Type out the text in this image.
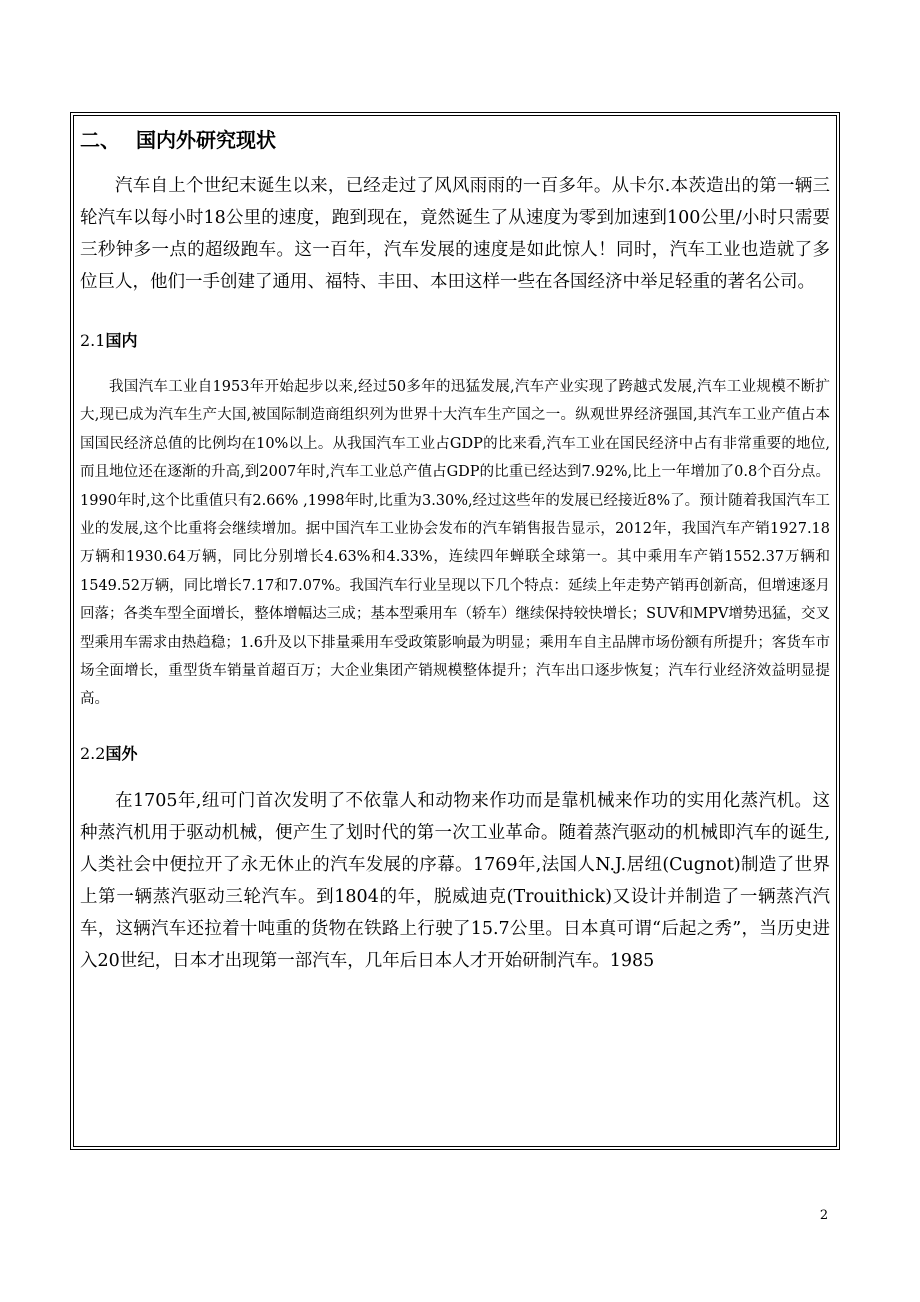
二、 国内外研究现状

汽车自上个世纪末诞生以来，已经走过了风风雨雨的一百多年。从卡尔.本茨造出的第一辆三轮汽车以每小时18公里的速度，跑到现在，竟然诞生了从速度为零到加速到100公里/小时只需要三秒钟多一点的超级跑车。这一百年，汽车发展的速度是如此惊人！同时，汽车工业也造就了多位巨人，他们一手创建了通用、福特、丰田、本田这样一些在各国经济中举足轻重的著名公司。

2.1国内

我国汽车工业自1953年开始起步以来,经过50多年的迅猛发展,汽车产业实现了跨越式发展,汽车工业规模不断扩大,现已成为汽车生产大国,被国际制造商组织列为世界十大汽车生产国之一。纵观世界经济强国,其汽车工业产值占本国国民经济总值的比例均在10%以上。从我国汽车工业占GDP的比来看,汽车工业在国民经济中占有非常重要的地位,而且地位还在逐渐的升高,到2007年时,汽车工业总产值占GDP的比重已经达到7.92%,比上一年增加了0.8个百分点。1990年时,这个比重值只有2.66% ,1998年时,比重为3.30%,经过这些年的发展已经接近8%了。预计随着我国汽车工业的发展,这个比重将会继续增加。据中国汽车工业协会发布的汽车销售报告显示，2012年，我国汽车产销1927.18万辆和1930.64万辆，同比分别增长4.63%和4.33%，连续四年蝉联全球第一。其中乘用车产销1552.37万辆和1549.52万辆，同比增长7.17和7.07%。我国汽车行业呈现以下几个特点：延续上年走势产销再创新高，但增速逐月回落；各类车型全面增长，整体增幅达三成；基本型乘用车（轿车）继续保持较快增长；SUV和MPV增势迅猛，交叉型乘用车需求由热趋稳；1.6升及以下排量乘用车受政策影响最为明显；乘用车自主品牌市场份额有所提升；客货车市场全面增长，重型货车销量首超百万；大企业集团产销规模整体提升；汽车出口逐步恢复；汽车行业经济效益明显提高。

2.2国外

在1705年,纽可门首次发明了不依靠人和动物来作功而是靠机械来作功的实用化蒸汽机。这种蒸汽机用于驱动机械，便产生了划时代的第一次工业革命。随着蒸汽驱动的机械即汽车的诞生,人类社会中便拉开了永无休止的汽车发展的序幕。1769年,法国人N.J.居纽(Cugnot)制造了世界上第一辆蒸汽驱动三轮汽车。到1804的年，脱威迪克(Trouithick)又设计并制造了一辆蒸汽汽车，这辆汽车还拉着十吨重的货物在铁路上行驶了15.7公里。日本真可谓“后起之秀”，当历史进入20世纪，日本才出现第一部汽车，几年后日本人才开始研制汽车。1985

2
